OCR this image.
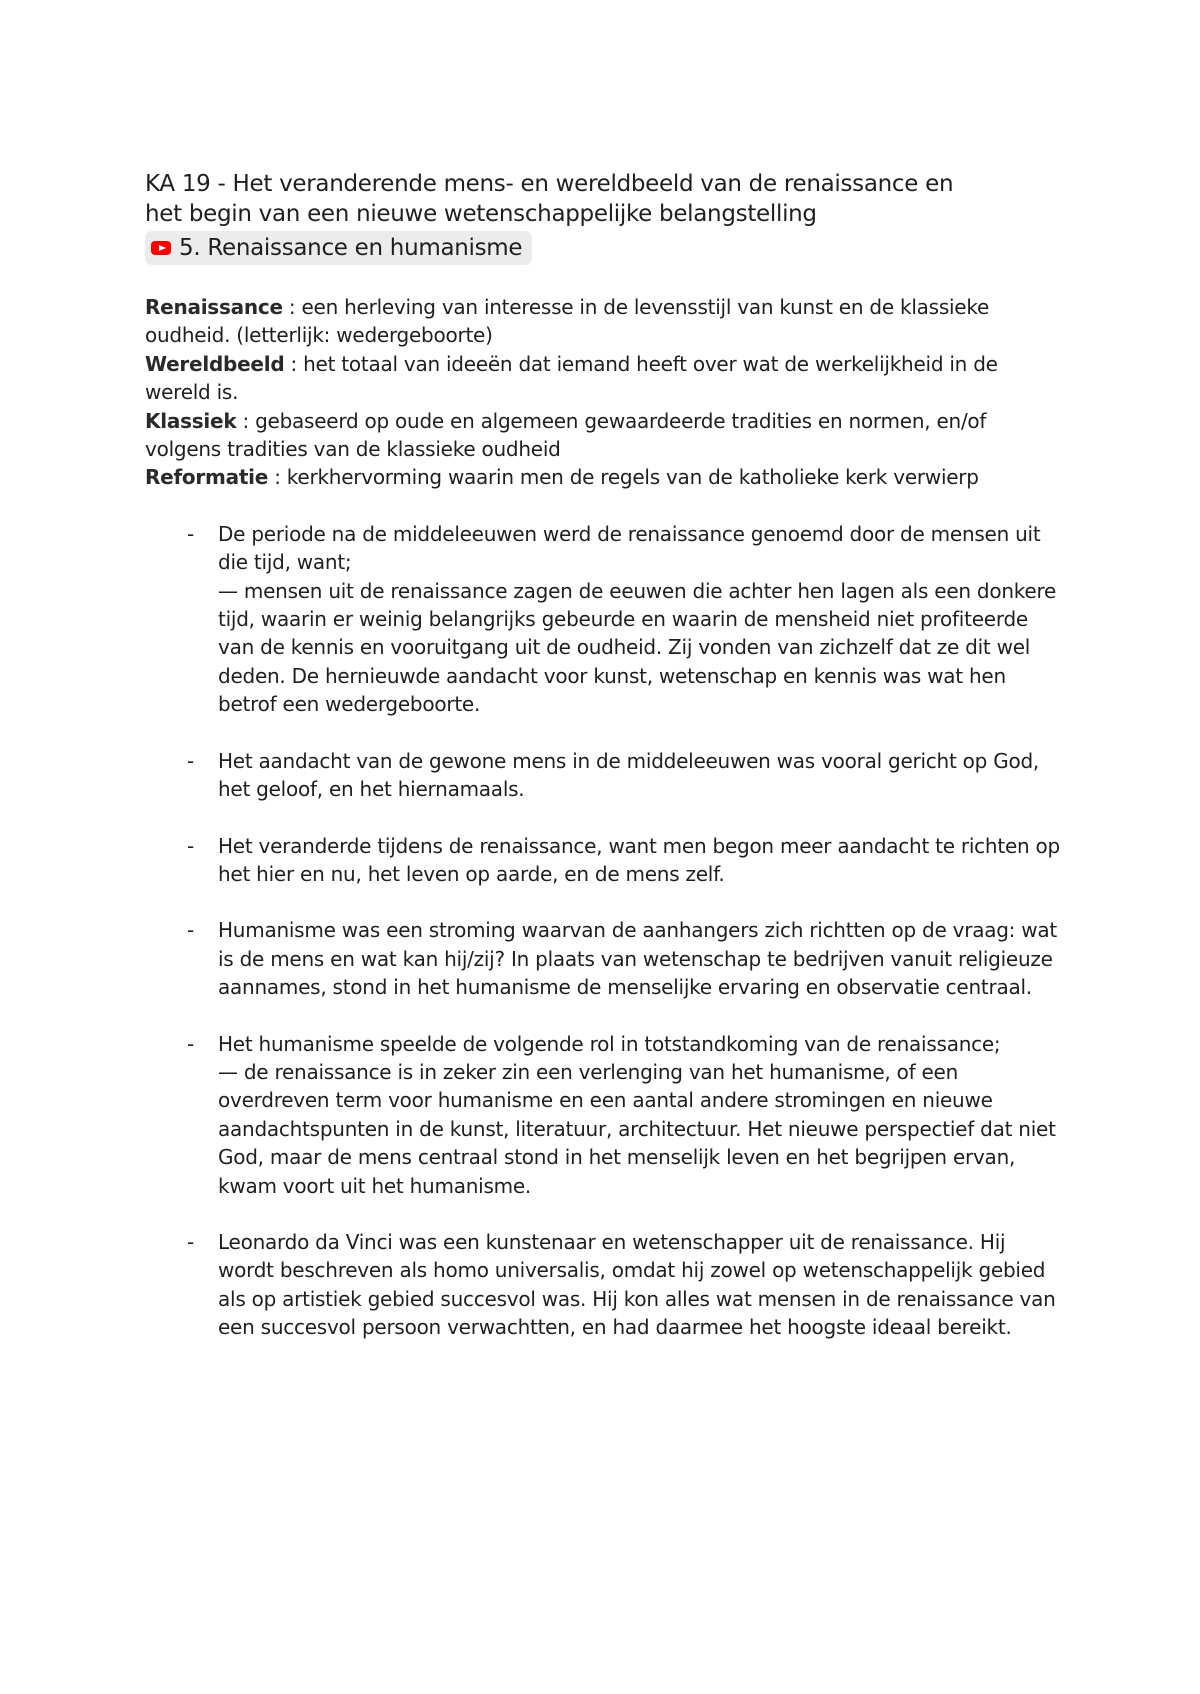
KA 19 - Het veranderende mens- en wereldbeeld van de renaissance en
het begin van een nieuwe wetenschappelijke belangstelling
5. Renaissance en humanisme

Renaissance : een herleving van interesse in de levensstijl van kunst en de klassieke oudheid. (letterlijk: wedergeboorte)

Wereldbeeld : het totaal van ideeën dat iemand heeft over wat de werkelijkheid in de wereld is.

Klassiek : gebaseerd op oude en algemeen gewaardeerde tradities en normen, en/of volgens tradities van de klassieke oudheid

Reformatie : kerkhervorming waarin men de regels van de katholieke kerk verwierp

- De periode na de middeleeuwen werd de renaissance genoemd door de mensen uit die tijd, want;

— mensen uit de renaissance zagen de eeuwen die achter hen lagen als een donkere tijd, waarin er weinig belangrijks gebeurde en waarin de mensheid niet profiteerde van de kennis en vooruitgang uit de oudheid. Zij vonden van zichzelf dat ze dit wel deden. De hernieuwde aandacht voor kunst, wetenschap en kennis was wat hen betrof een wedergeboorte.

- Het aandacht van de gewone mens in de middeleeuwen was vooral gericht op God, het geloof, en het hiernamaals.

- Het veranderde tijdens de renaissance, want men begon meer aandacht te richten op het hier en nu, het leven op aarde, en de mens zelf.

- Humanisme was een stroming waarvan de aanhangers zich richtten op de vraag: wat is de mens en wat kan hij/zij? In plaats van wetenschap te bedrijven vanuit religieuze aannames, stond in het humanisme de menselijke ervaring en observatie centraal.

- Het humanisme speelde de volgende rol in totstandkoming van de renaissance;

— de renaissance is in zeker zin een verlenging van het humanisme, of een overdreven term voor humanisme en een aantal andere stromingen en nieuwe aandachtspunten in de kunst, literatuur, architectuur. Het nieuwe perspectief dat niet God, maar de mens centraal stond in het menselijk leven en het begrijpen ervan, kwam voort uit het humanisme.

- Leonardo da Vinci was een kunstenaar en wetenschapper uit de renaissance. Hij wordt beschreven als homo universalis, omdat hij zowel op wetenschappelijk gebied als op artistiek gebied succesvol was. Hij kon alles wat mensen in de renaissance van een succesvol persoon verwachtten, en had daarmee het hoogste ideaal bereikt.
